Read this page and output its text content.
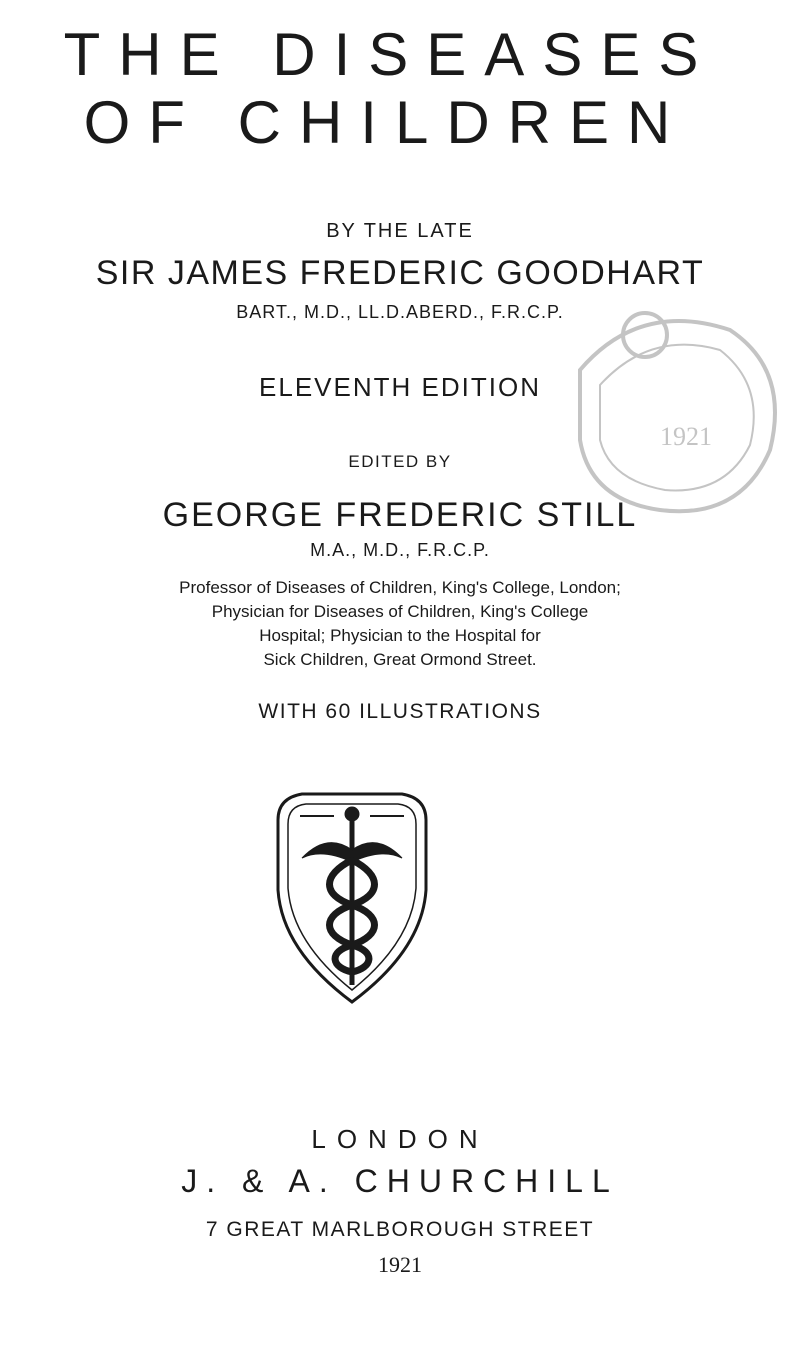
THE DISEASES
OF CHILDREN
BY THE LATE
SIR JAMES FREDERIC GOODHART
BART., M.D., LL.D.ABERD., F.R.C.P.
ELEVENTH EDITION
EDITED BY
GEORGE FREDERIC STILL
M.A., M.D., F.R.C.P.

Professor of Diseases of Children, King's College, London;

Physician for Diseases of Children, King's College

Hospital; Physician to the Hospital for

Sick Children, Great Ormond Street.

WITH 60 ILLUSTRATIONS
1921
LONDON
J. & A. CHURCHILL
7 GREAT MARLBOROUGH STREET
1921
